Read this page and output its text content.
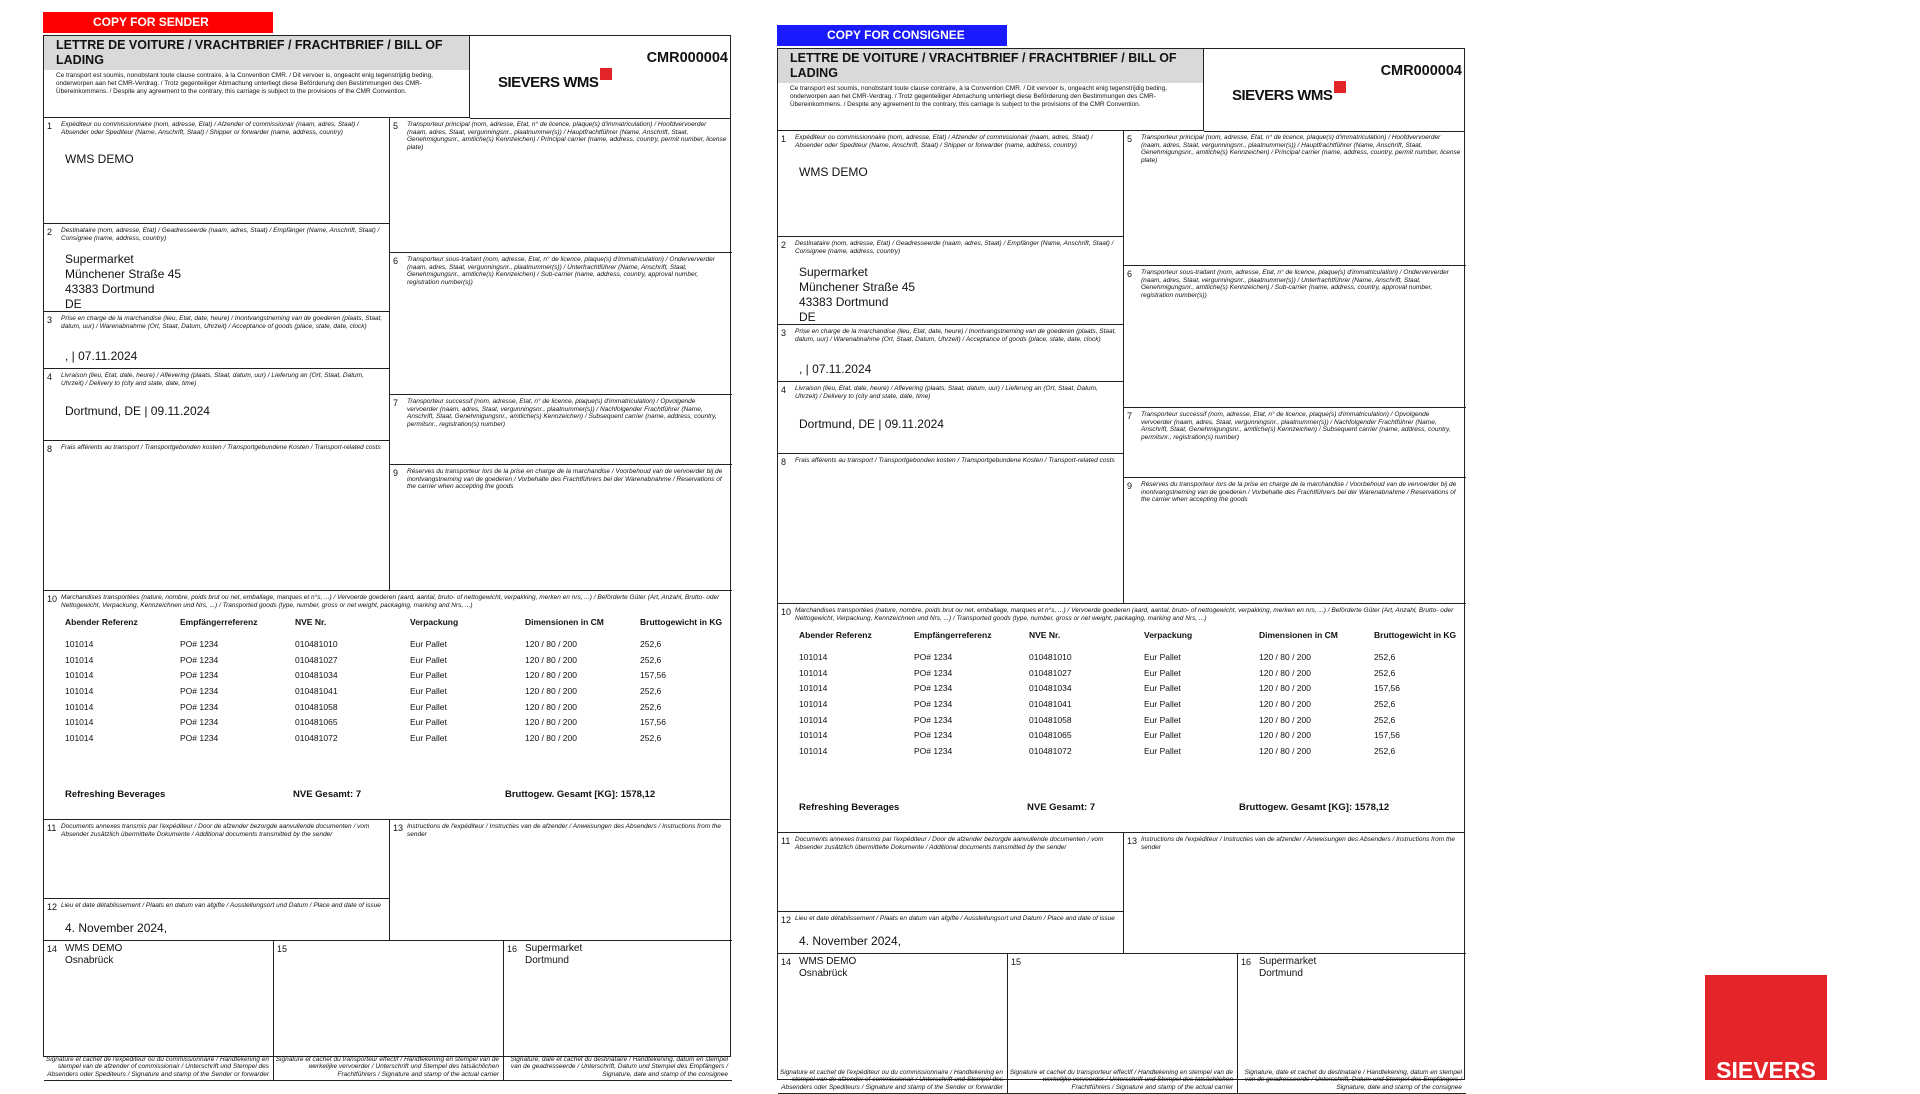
COPY FOR SENDER
LETTRE DE VOITURE / VRACHTBRIEF / FRACHTBRIEF / BILL OF LADING
Ce transport est soumis, nonobstant toute clause contraire, à la Convention CMR. / Dit vervoer is, ongeacht enig tegenstrijdig beding, onderworpen aan het CMR-Verdrag. / Trotz gegenteiliger Abmachung unterliegt diese Beförderung den Bestimmungen des CMR-Übereinkommens. / Despite any agreement to the contrary, this carriage is subject to the provisions of the CMR Convention.
CMR000004
SIEVERS WMS
1 Expéditeur ou commissionnaire (nom, adresse, Etat) / Afzender of commissionair (naam, adres, Staat) / Absender oder Spediteur (Name, Anschrift, Staat) / Shipper or forwarder (name, address, country)
WMS DEMO
2 Destinataire (nom, adresse, Etat) / Geadresseerde (naam, adres, Staat) / Empfänger (Name, Anschrift, Staat) / Consignee (name, address, country)
Supermarket
Münchener Straße 45
43383 Dortmund
DE
3 Prise en charge de la marchandise (lieu, Etat, date, heure) / Inontvangstneming van de goederen (plaats, Staat, datum, uur) / Warenabnahme (Ort, Staat, Datum, Uhrzeit) / Acceptance of goods (place, state, date, clock)
, | 07.11.2024
4 Livraison (lieu, Etat, date, heure) / Aflevering (plaats, Staat, datum, uur) / Lieferung an (Ort, Staat, Datum, Uhrzeit) / Delivery to (city and state, date, time)
Dortmund, DE | 09.11.2024
8 Frais afférents au transport / Transportgebonden kosten / Transportgebundene Kosten / Transport-related costs
5 Transporteur principal (nom, adresse, Etat, n° de licence, plaque(s) d'immatriculation) / Hoofdvervoerder (naam, adres, Staat, vergunningsnr., plaatnummer(s)) / Hauptfrachtführer (Name, Anschrift, Staat, Genehmigungsnr., amtliche(s) Kennzeichen) / Principal carrier (name, address, country, permit number, license plate)
6 Transporteur sous-traitant (nom, adresse, Etat, n° de licence, plaque(s) d'immatriculation) / Onderververder (naam, adres, Staat, vergunningsnr., plaatnummer(s)) / Unterfrachtführer (Name, Anschrift, Staat, Genehmigungsnr., amtliche(s) Kennzeichen) / Sub-carrier (name, address, country, approval number, registration number(s))
7 Transporteur successif (nom, adresse, Etat, n° de licence, plaque(s) d'immatriculation) / Opvolgende vervoerder (naam, adres, Staat, vergunningsnr., plaatnummer(s)) / Nachfolgender Frachtführer (Name, Anschrift, Staat, Genehmigungsnr., amtliche(s) Kennzeichen) / Subsequent carrier (name, address, country, permitsnr., registration(s) number)
9 Réserves du transporteur lors de la prise en charge de la marchandise / Voorbehoud van de vervoerder bij de inontvangstneming van de goederen / Vorbehalte des Frachtführers bei der Warenabnahme / Reservations of the carrier when accepting the goods
10 Marchandises transportées (nature, nombre, poids brut ou net, emballage, marques et n°s, ...) / Vervoerde goederen (aard, aantal, bruto- of nettogewicht, verpakking, merken en nrs, ...) / Beförderte Güter (Art, Anzahl, Brutto- oder Nettogewicht, Verpackung, Kennzeichnen und Nrs, ...) / Transported goods (type, number, gross or net weight, packaging, marking and Nrs, ...)
Abender Referenz	Empfängerreferenz	NVE Nr.	Verpackung	Dimensionen in CM	Bruttogewicht in KG
101014	PO# 1234	010481010	Eur Pallet	120 / 80 / 200	252,6
101014	PO# 1234	010481027	Eur Pallet	120 / 80 / 200	252,6
101014	PO# 1234	010481034	Eur Pallet	120 / 80 / 200	157,56
101014	PO# 1234	010481041	Eur Pallet	120 / 80 / 200	252,6
101014	PO# 1234	010481058	Eur Pallet	120 / 80 / 200	252,6
101014	PO# 1234	010481065	Eur Pallet	120 / 80 / 200	157,56
101014	PO# 1234	010481072	Eur Pallet	120 / 80 / 200	252,6
Refreshing Beverages	NVE Gesamt: 7	Bruttogew. Gesamt [KG]: 1578,12
11 Documents annexes transmis par l'expéditeur / Door de afzender bezorgde aanvullende documenten / vom Absender zusätzlich übermittelte Dokumente / Additional documents transmitted by the sender
12 Lieu et date détablissement / Plaats en datum van afgifte / Ausstellungsort und Datum / Place and date of issue
4. November 2024,
13 Instructions de l'expéditeur / Instructies van de afzender / Anweisungen des Absenders / Instructions from the sender
14 WMS DEMO
Osnabrück
Signature et cachet de l'expéditeur ou du commissionnaire / Handtekening en stempel van de afzender of commissionair / Unterschrift und Stempel des Absenders oder Spediteurs / Signature and stamp of the Sender or forwarder
15
Signature et cachet du transporteur effectif / Handtekening en stempel van de werkelijke vervoerder / Unterschrift und Stempel des tatsächlichen Frachtführers / Signature and stamp of the actual carrier
16 Supermarket
Dortmund
Signature, date et cachet du destinataire / Handtekening, datum en stempel van de geadresseerde / Unterschrift, Datum und Stempel des Empfängers / Signature, date and stamp of the consignee
COPY FOR CONSIGNEE
LETTRE DE VOITURE / VRACHTBRIEF / FRACHTBRIEF / BILL OF LADING
Ce transport est soumis, nonobstant toute clause contraire, à la Convention CMR. / Dit vervoer is, ongeacht enig tegenstrijdig beding, onderworpen aan het CMR-Verdrag. / Trotz gegenteiliger Abmachung unterliegt diese Beförderung den Bestimmungen des CMR-Übereinkommens. / Despite any agreement to the contrary, this carriage is subject to the provisions of the CMR Convention.
CMR000004
SIEVERS WMS
1 Expéditeur ou commissionnaire (nom, adresse, Etat) / Afzender of commissionair (naam, adres, Staat) / Absender oder Spediteur (Name, Anschrift, Staat) / Shipper or forwarder (name, address, country)
WMS DEMO
2 Destinataire (nom, adresse, Etat) / Geadresseerde (naam, adres, Staat) / Empfänger (Name, Anschrift, Staat) / Consignee (name, address, country)
Supermarket
Münchener Straße 45
43383 Dortmund
DE
3 Prise en charge de la marchandise (lieu, Etat, date, heure) / Inontvangstneming van de goederen (plaats, Staat, datum, uur) / Warenabnahme (Ort, Staat, Datum, Uhrzeit) / Acceptance of goods (place, state, date, clock)
, | 07.11.2024
4 Livraison (lieu, Etat, date, heure) / Aflevering (plaats, Staat, datum, uur) / Lieferung an (Ort, Staat, Datum, Uhrzeit) / Delivery to (city and state, date, time)
Dortmund, DE | 09.11.2024
8 Frais afférents au transport / Transportgebonden kosten / Transportgebundene Kosten / Transport-related costs
5 Transporteur principal (nom, adresse, Etat, n° de licence, plaque(s) d'immatriculation) / Hoofdvervoerder (naam, adres, Staat, vergunningsnr., plaatnummer(s)) / Hauptfrachtführer (Name, Anschrift, Staat, Genehmigungsnr., amtliche(s) Kennzeichen) / Principal carrier (name, address, country, permit number, license plate)
6 Transporteur sous-traitant (nom, adresse, Etat, n° de licence, plaque(s) d'immatriculation) / Onderververder (naam, adres, Staat, vergunningsnr., plaatnummer(s)) / Unterfrachtführer (Name, Anschrift, Staat, Genehmigungsnr., amtliche(s) Kennzeichen) / Sub-carrier (name, address, country, approval number, registration number(s))
7 Transporteur successif (nom, adresse, Etat, n° de licence, plaque(s) d'immatriculation) / Opvolgende vervoerder (naam, adres, Staat, vergunningsnr., plaatnummer(s)) / Nachfolgender Frachtführer (Name, Anschrift, Staat, Genehmigungsnr., amtliche(s) Kennzeichen) / Subsequent carrier (name, address, country, permitsnr., registration(s) number)
9 Réserves du transporteur lors de la prise en charge de la marchandise / Voorbehoud van de vervoerder bij de inontvangstneming van de goederen / Vorbehalte des Frachtführers bei der Warenabnahme / Reservations of the carrier when accepting the goods
10 Marchandises transportées (nature, nombre, poids brut ou net, emballage, marques et n°s, ...) / Vervoerde goederen (aard, aantal, bruto- of nettogewicht, verpakking, merken en nrs, ...) / Beförderte Güter (Art, Anzahl, Brutto- oder Nettogewicht, Verpackung, Kennzeichnen und Nrs, ...) / Transported goods (type, number, gross or net weight, packaging, marking and Nrs, ...)
Abender Referenz	Empfängerreferenz	NVE Nr.	Verpackung	Dimensionen in CM	Bruttogewicht in KG
101014	PO# 1234	010481010	Eur Pallet	120 / 80 / 200	252,6
101014	PO# 1234	010481027	Eur Pallet	120 / 80 / 200	252,6
101014	PO# 1234	010481034	Eur Pallet	120 / 80 / 200	157,56
101014	PO# 1234	010481041	Eur Pallet	120 / 80 / 200	252,6
101014	PO# 1234	010481058	Eur Pallet	120 / 80 / 200	252,6
101014	PO# 1234	010481065	Eur Pallet	120 / 80 / 200	157,56
101014	PO# 1234	010481072	Eur Pallet	120 / 80 / 200	252,6
Refreshing Beverages	NVE Gesamt: 7	Bruttogew. Gesamt [KG]: 1578,12
11 Documents annexes transmis par l'expéditeur / Door de afzender bezorgde aanvullende documenten / vom Absender zusätzlich übermittelte Dokumente / Additional documents transmitted by the sender
12 Lieu et date détablissement / Plaats en datum van afgifte / Ausstellungsort und Datum / Place and date of issue
4. November 2024,
13 Instructions de l'expéditeur / Instructies van de afzender / Anweisungen des Absenders / Instructions from the sender
14 WMS DEMO
Osnabrück
Signature et cachet de l'expéditeur ou du commissionnaire / Handtekening en stempel van de afzender of commissionair / Unterschrift und Stempel des Absenders oder Spediteurs / Signature and stamp of the Sender or forwarder
15
Signature et cachet du transporteur effectif / Handtekening en stempel van de werkelijke vervoerder / Unterschrift und Stempel des tatsächlichen Frachtführers / Signature and stamp of the actual carrier
16 Supermarket
Dortmund
Signature, date et cachet du destinataire / Handtekening, datum en stempel van de geadresseerde / Unterschrift, Datum und Stempel des Empfängers / Signature, date and stamp of the consignee
SIEVERS
